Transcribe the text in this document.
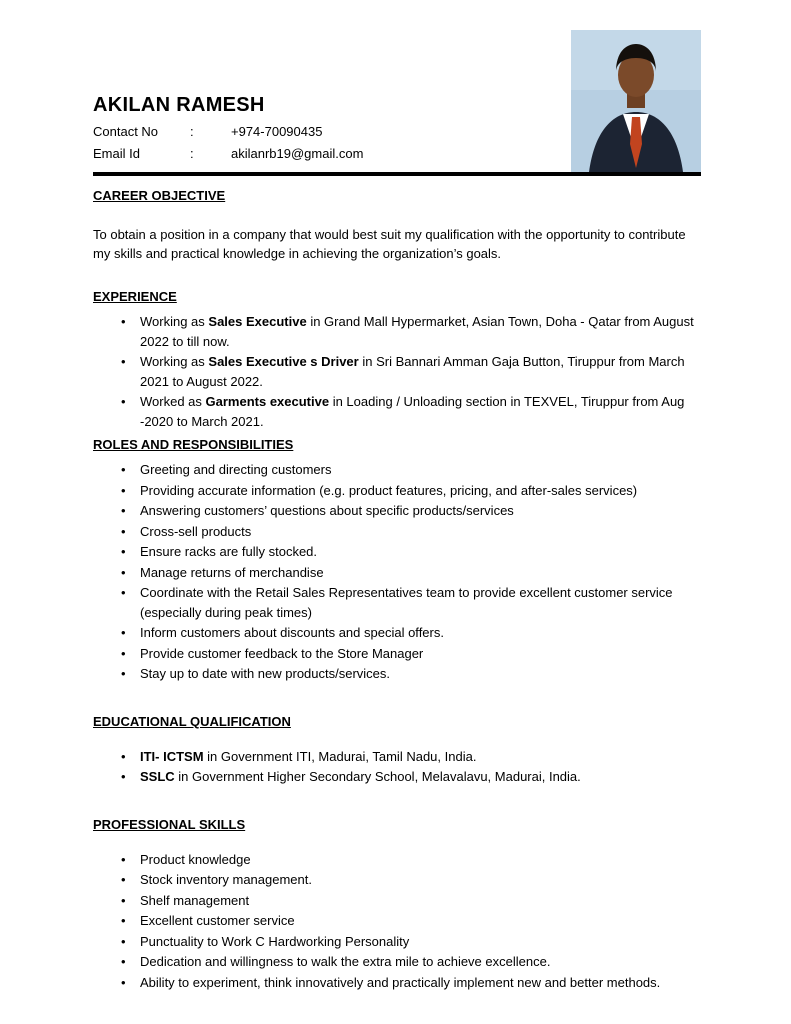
AKILAN RAMESH
Contact No	:	+974-70090435
Email Id	:	akilanrb19@gmail.com
CAREER OBJECTIVE

To obtain a position in a company that would best suit my qualification with the opportunity to contribute my skills and practical knowledge in achieving the organization’s goals.

EXPERIENCE
• Working as Sales Executive in Grand Mall Hypermarket, Asian Town, Doha - Qatar from August 2022 to till now.
• Working as Sales Executive s Driver in Sri Bannari Amman Gaja Button, Tiruppur from March 2021 to August 2022.
• Worked as Garments executive in Loading / Unloading section in TEXVEL, Tiruppur from Aug -2020 to March 2021.
ROLES AND RESPONSIBILITIES
• Greeting and directing customers
• Providing accurate information (e.g. product features, pricing, and after-sales services)
• Answering customers’ questions about specific products/services
• Cross-sell products
• Ensure racks are fully stocked.
• Manage returns of merchandise
• Coordinate with the Retail Sales Representatives team to provide excellent customer service (especially during peak times)
• Inform customers about discounts and special offers.
• Provide customer feedback to the Store Manager
• Stay up to date with new products/services.
EDUCATIONAL QUALIFICATION
• ITI- ICTSM in Government ITI, Madurai, Tamil Nadu, India.
• SSLC in Government Higher Secondary School, Melavalavu, Madurai, India.
PROFESSIONAL SKILLS
• Product knowledge
• Stock inventory management.
• Shelf management
• Excellent customer service
• Punctuality to Work C Hardworking Personality
• Dedication and willingness to walk the extra mile to achieve excellence.
• Ability to experiment, think innovatively and practically implement new and better methods.
